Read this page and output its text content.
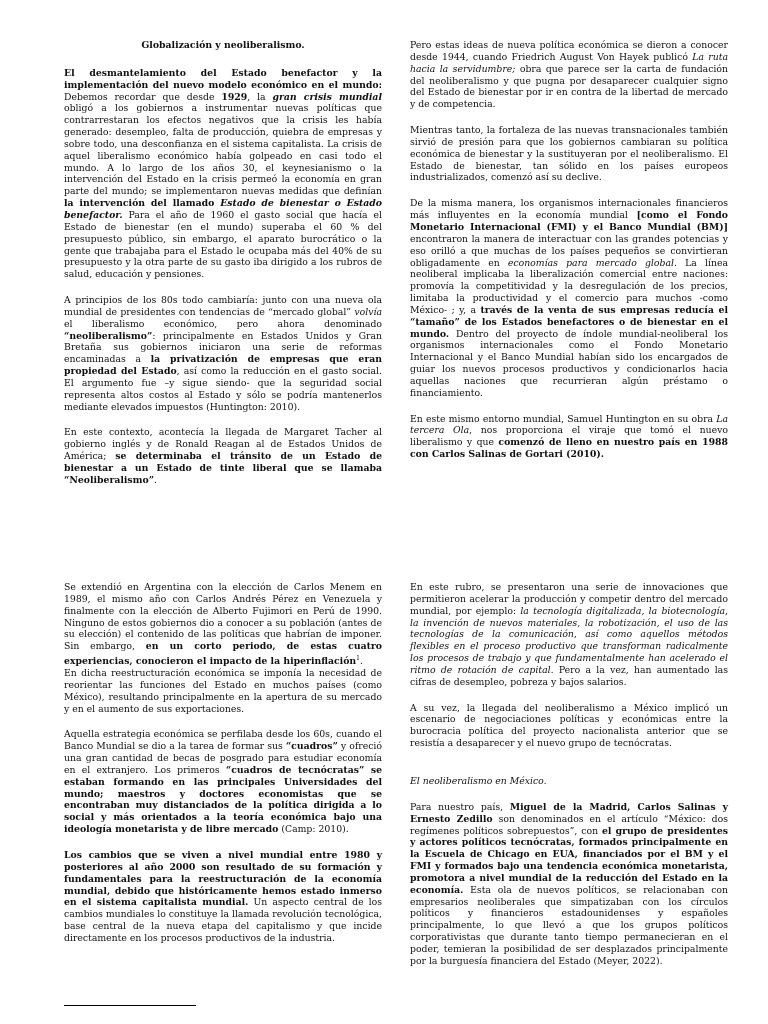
Globalización y neoliberalismo.

El desmantelamiento del Estado benefactor y la implementación del nuevo modelo económico en el mundo: Debemos recordar que desde 1929, la gran crisis mundial obligó a los gobiernos a instrumentar nuevas políticas que contrarrestaran los efectos negativos que la crisis les había generado: desempleo, falta de producción, quiebra de empresas y sobre todo, una desconfianza en el sistema capitalista. La crisis de aquel liberalismo económico había golpeado en casi todo el mundo. A lo largo de los años 30, el keynesianismo o la intervención del Estado en la crisis permeó la economía en gran parte del mundo; se implementaron nuevas medidas que definían la intervención del llamado Estado de bienestar o Estado benefactor. Para el año de 1960 el gasto social que hacía el Estado de bienestar (en el mundo) superaba el 60 % del presupuesto público, sin embargo, el aparato burocrático o la gente que trabajaba para el Estado le ocupaba más del 40% de su presupuesto y la otra parte de su gasto iba dirigido a los rubros de salud, educación y pensiones.

A principios de los 80s todo cambiaría: junto con una nueva ola mundial de presidentes con tendencias de “mercado global” volvía el liberalismo económico, pero ahora denominado “neoliberalismo”: principalmente en Estados Unidos y Gran Bretaña sus gobiernos iniciaron una serie de reformas encaminadas a la privatización de empresas que eran propiedad del Estado, así como la reducción en el gasto social. El argumento fue –y sigue siendo- que la seguridad social representa altos costos al Estado y sólo se podría mantenerlos mediante elevados impuestos (Huntington: 2010).

En este contexto, acontecía la llegada de Margaret Tacher al gobierno inglés y de Ronald Reagan al de Estados Unidos de América; se determinaba el tránsito de un Estado de bienestar a un Estado de tinte liberal que se llamaba “Neoliberalismo”.

Pero estas ideas de nueva política económica se dieron a conocer desde 1944, cuando Friedrich August Von Hayek publicó La ruta hacia la servidumbre; obra que parece ser la carta de fundación del neoliberalismo y que pugna por desaparecer cualquier signo del Estado de bienestar por ir en contra de la libertad de mercado y de competencia.

Mientras tanto, la fortaleza de las nuevas transnacionales también sirvió de presión para que los gobiernos cambiaran su política económica de bienestar y la sustituyeran por el neoliberalismo. El Estado de bienestar, tan sólido en los países europeos industrializados, comenzó así su declive.

De la misma manera, los organismos internacionales financieros más influyentes en la economía mundial [como el Fondo Monetario Internacional (FMI) y el Banco Mundial (BM)] encontraron la manera de interactuar con las grandes potencias y eso orilló a que muchas de los países pequeños se convirtieran obligadamente en economías para mercado global. La línea neoliberal implicaba la liberalización comercial entre naciones: promovía la competitividad y la desregulación de los precios, limitaba la productividad y el comercio para muchos -como México- ; y, a través de la venta de sus empresas reducía el “tamaño” de los Estados benefactores o de bienestar en el mundo. Dentro del proyecto de índole mundial-neoliberal los organismos internacionales como el Fondo Monetario Internacional y el Banco Mundial habían sido los encargados de guiar los nuevos procesos productivos y condicionarlos hacia aquellas naciones que recurrieran algún préstamo o financiamiento.

En este mismo entorno mundial, Samuel Huntington en su obra La tercera Ola, nos proporciona el viraje que tomó el nuevo liberalismo y que comenzó de lleno en nuestro país en 1988 con Carlos Salinas de Gortari (2010).

Se extendió en Argentina con la elección de Carlos Menem en 1989, el mismo año con Carlos Andrés Pérez en Venezuela y finalmente con la elección de Alberto Fujimori en Perú de 1990. Ninguno de estos gobiernos dio a conocer a su población (antes de su elección) el contenido de las políticas que habrían de imponer. Sin embargo, en un corto periodo, de estas cuatro experiencias, conocieron el impacto de la hiperinflación$^1$.

En dicha reestructuración económica se imponía la necesidad de reorientar las funciones del Estado en muchos países (como México), resultando principalmente en la apertura de su mercado y en el aumento de sus exportaciones.

Aquella estrategia económica se perfilaba desde los 60s, cuando el Banco Mundial se dio a la tarea de formar sus “cuadros” y ofreció una gran cantidad de becas de posgrado para estudiar economía en el extranjero. Los primeros “cuadros de tecnócratas” se estaban formando en las principales Universidades del mundo; maestros y doctores economistas que se encontraban muy distanciados de la política dirigida a lo social y más orientados a la teoría económica bajo una ideología monetarista y de libre mercado (Camp: 2010).

Los cambios que se viven a nivel mundial entre 1980 y posteriores al año 2000 son resultado de su formación y fundamentales para la reestructuración de la economía mundial, debido que históricamente hemos estado inmerso en el sistema capitalista mundial. Un aspecto central de los cambios mundiales lo constituye la llamada revolución tecnológica, base central de la nueva etapa del capitalismo y que incide directamente en los procesos productivos de la industria.

En este rubro, se presentaron una serie de innovaciones que permitieron acelerar la producción y competir dentro del mercado mundial, por ejemplo: la tecnología digitalizada, la biotecnología, la invención de nuevos materiales, la robotización, el uso de las tecnologías de la comunicación, así como aquellos métodos flexibles en el proceso productivo que transforman radicalmente los procesos de trabajo y que fundamentalmente han acelerado el ritmo de rotación de capital. Pero a la vez, han aumentado las cifras de desempleo, pobreza y bajos salarios.

A su vez, la llegada del neoliberalismo a México implicó un escenario de negociaciones políticas y económicas entre la burocracia política del proyecto nacionalista anterior que se resistía a desaparecer y el nuevo grupo de tecnócratas.

El neoliberalismo en México.

Para nuestro país, Miguel de la Madrid, Carlos Salinas y Ernesto Zedillo son denominados en el artículo “México: dos regímenes políticos sobrepuestos”, con el grupo de presidentes y actores políticos tecnócratas, formados principalmente en la Escuela de Chicago en EUA, financiados por el BM y el FMI y formados bajo una tendencia económica monetarista, promotora a nivel mundial de la reducción del Estado en la economía. Esta ola de nuevos políticos, se relacionaban con empresarios neoliberales que simpatizaban con los círculos políticos y financieros estadounidenses y españoles principalmente, lo que llevó a que los grupos políticos corporativistas que durante tanto tiempo permanecieran en el poder, temieran la posibilidad de ser desplazados principalmente por la burguesía financiera del Estado (Meyer, 2022).
